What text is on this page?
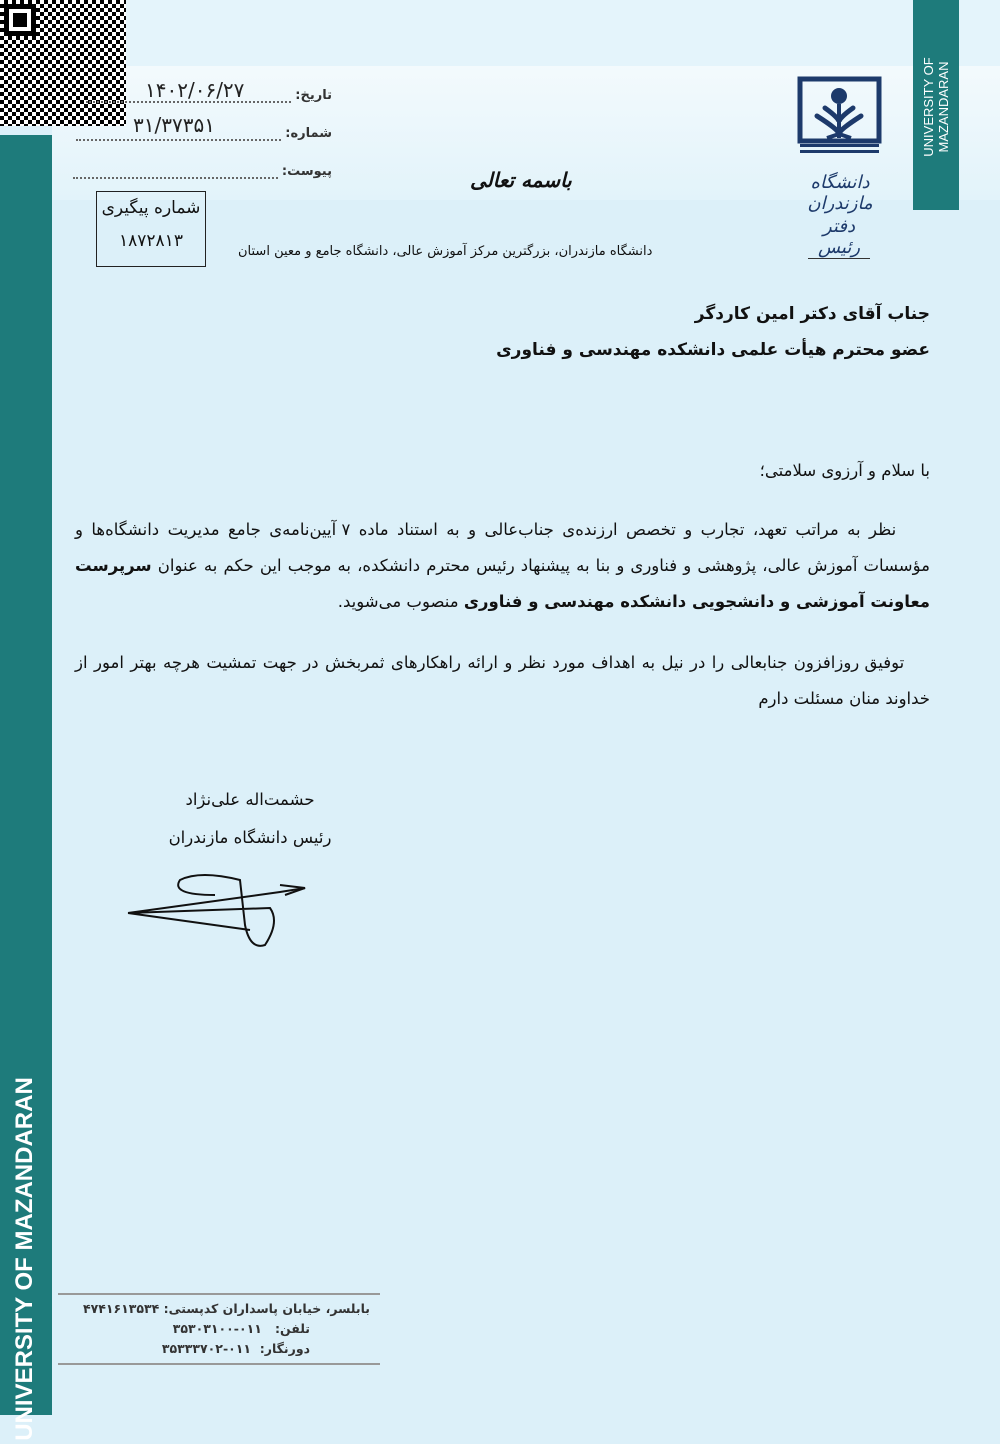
UNIVERSITY OF MAZANDARAN
UNIVERSITY OF MAZANDARAN
تاریخ:
۱۴۰۲/۰۶/۲۷
شماره:
۳۱/۳۷۳۵۱
پیوست:
شماره پیگیری
۱۸۷۲۸۱۳
باسمه تعالی
دانشگاه مازندران، بزرگترین مرکز آموزش عالی، دانشگاه جامع و معین استان
دانشگاه مازندران
دفتر رئیس
جناب آقای دکتر امین کاردگر
عضو محترم هیأت علمی دانشکده مهندسی و فناوری
با سلام و آرزوی سلامتی؛
نظر به مراتب تعهد، تجارب و تخصص ارزنده‌ی جناب‌عالی و به استناد ماده ۷ آیین‌نامه‌ی جامع مدیریت دانشگاه‌ها و مؤسسات آموزش عالی، پژوهشی و فناوری و بنا به پیشنهاد رئیس محترم دانشکده، به موجب این حکم به عنوان سرپرست معاونت آموزشی و دانشجویی دانشکده مهندسی و فناوری منصوب می‌شوید.
توفیق روزافزون جنابعالی را در نیل به اهداف مورد نظر و ارائه راهکارهای ثمربخش در جهت تمشیت هرچه بهتر امور از خداوند منان مسئلت دارم
حشمت‌اله علی‌نژاد
رئیس دانشگاه مازندران
بابلسر، خیابان پاسداران کدپستی: ۴۷۴۱۶۱۳۵۳۴
تلفن:   ۰۱۱-۳۵۳۰۳۱۰۰
دورنگار:  ۰۱۱-۳۵۳۳۳۷۰۲
